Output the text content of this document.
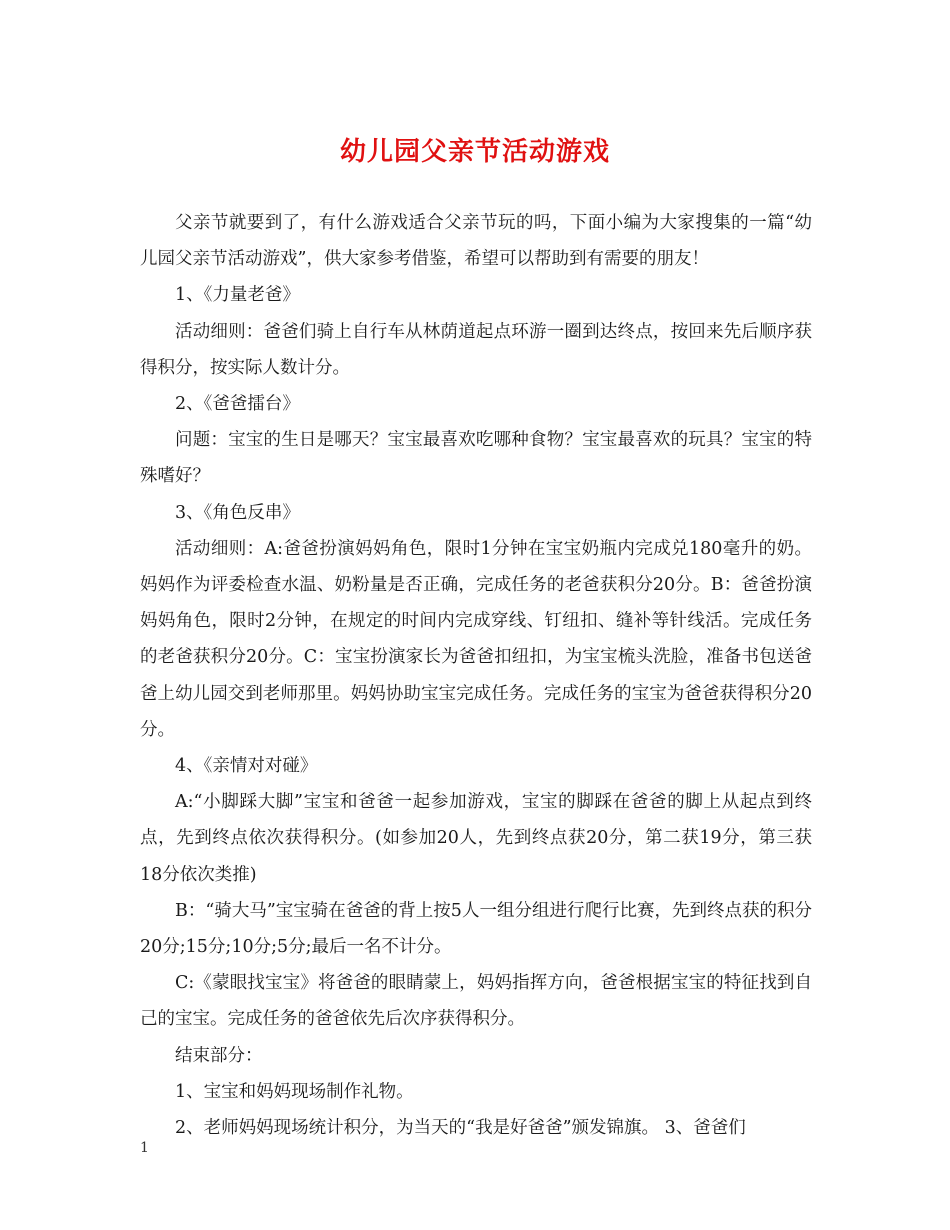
幼儿园父亲节活动游戏

父亲节就要到了，有什么游戏适合父亲节玩的吗，下面小编为大家搜集的一篇“幼儿园父亲节活动游戏”，供大家参考借鉴，希望可以帮助到有需要的朋友！

1、《力量老爸》

活动细则：爸爸们骑上自行车从林荫道起点环游一圈到达终点，按回来先后顺序获得积分，按实际人数计分。

2、《爸爸擂台》

问题：宝宝的生日是哪天？宝宝最喜欢吃哪种食物？宝宝最喜欢的玩具？宝宝的特殊嗜好？

3、《角色反串》

活动细则：A:爸爸扮演妈妈角色，限时1分钟在宝宝奶瓶内完成兑180毫升的奶。妈妈作为评委检查水温、奶粉量是否正确，完成任务的老爸获积分20分。B：爸爸扮演妈妈角色，限时2分钟，在规定的时间内完成穿线、钉纽扣、缝补等针线活。完成任务的老爸获积分20分。C：宝宝扮演家长为爸爸扣纽扣，为宝宝梳头洗脸，准备书包送爸爸上幼儿园交到老师那里。妈妈协助宝宝完成任务。完成任务的宝宝为爸爸获得积分20分。

4、《亲情对对碰》

A:“小脚踩大脚”宝宝和爸爸一起参加游戏，宝宝的脚踩在爸爸的脚上从起点到终点，先到终点依次获得积分。(如参加20人，先到终点获20分，第二获19分，第三获18分依次类推)

B：“骑大马”宝宝骑在爸爸的背上按5人一组分组进行爬行比赛，先到终点获的积分20分;15分;10分;5分;最后一名不计分。

C:《蒙眼找宝宝》将爸爸的眼睛蒙上，妈妈指挥方向，爸爸根据宝宝的特征找到自己的宝宝。完成任务的爸爸依先后次序获得积分。

结束部分：

1、宝宝和妈妈现场制作礼物。

2、老师妈妈现场统计积分，为当天的“我是好爸爸”颁发锦旗。 3、爸爸们

1
